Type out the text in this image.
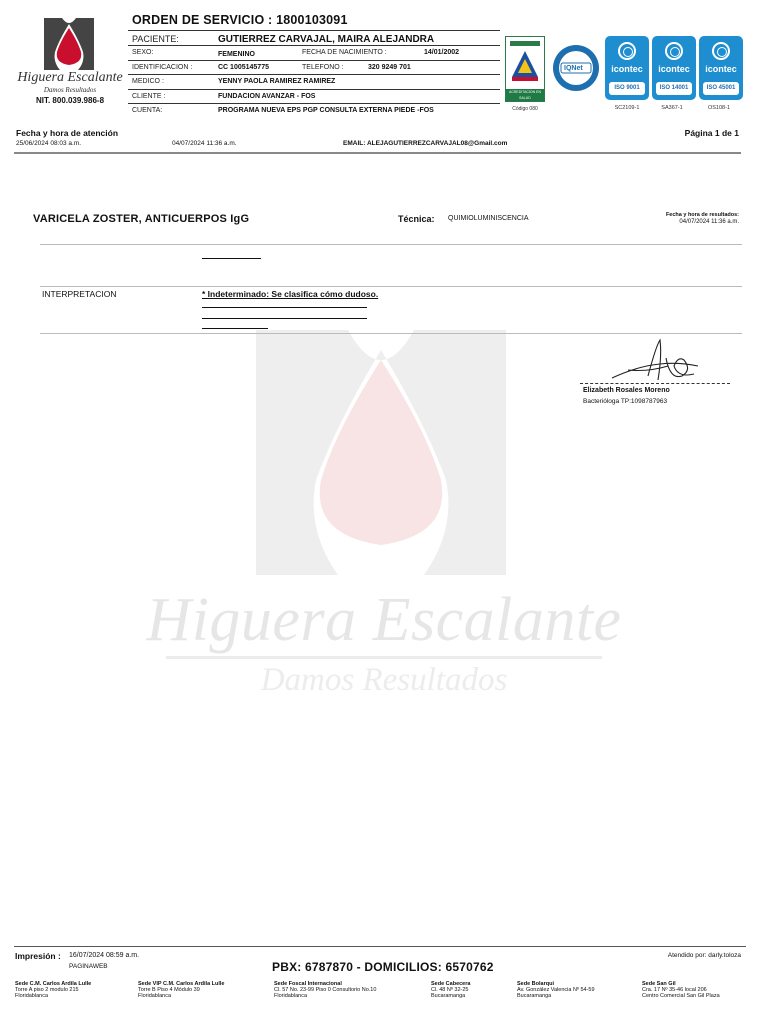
Higuera Escalante
Damos Resultados
Higuera Escalante
Damos Resultados
NIT. 800.039.986-8
ORDEN DE SERVICIO : 1800103091
PACIENTE:	GUTIERREZ CARVAJAL, MAIRA ALEJANDRA
SEXO:	FEMENINO	FECHA DE NACIMIENTO :	14/01/2002
IDENTIFICACION :	CC 1005145775	TELEFONO :	320 9249 701
MEDICO :	YENNY PAOLA RAMIREZ RAMIREZ
CLIENTE :	FUNDACION AVANZAR - FOS
CUENTA:	PROGRAMA NUEVA EPS PGP CONSULTA EXTERNA PIEDE -FOS
ACREDITACION EN SALUD
Código 080
IQNet	icontec
ISO 9001
icontec
ISO 14001
icontec
ISO 45001
SC2109-1	SA367-1	OS108-1
Fecha y hora de atención
25/06/2024 08:03 a.m.	04/07/2024 11:36 a.m.	EMAIL: ALEJAGUTIERREZCARVAJAL08@Gmail.com
Página 1 de 1
VARICELA ZOSTER, ANTICUERPOS IgG	Técnica: QUIMIOLUMINISCENCIA	Fecha y hora de resultados:
04/07/2024 11:36 a.m.
INTERPRETACION	* Indeterminado: Se clasifica cómo dudoso.
Elizabeth Rosales Moreno
Bacterióloga TP:1098787963
Impresión : 16/07/2024 08:59 a.m.
PAGINAWEB	PBX: 6787870 - DOMICILIOS: 6570762
Atendido por: darly.toloza
Sede C.M. Carlos Ardila Lulle
Torre A piso 2 modulo 215
Floridablanca
Sede VIP C.M. Carlos Ardila Lulle
Torre B Piso 4 Módulo 39
Floridablanca
Sede Foscal Internacional
Cl. 57 No. 23-99 Piso 0 Consultorio No.10
Floridablanca
Sede Cabecera
Cl. 48 Nº 32-25
Bucaramanga
Sede Bolarqui
Av. González Valencia Nº 54-59
Bucaramanga
Sede San Gil
Cra. 17 Nº 35-46 local 206
Centro Comercial San Gil Plaza
